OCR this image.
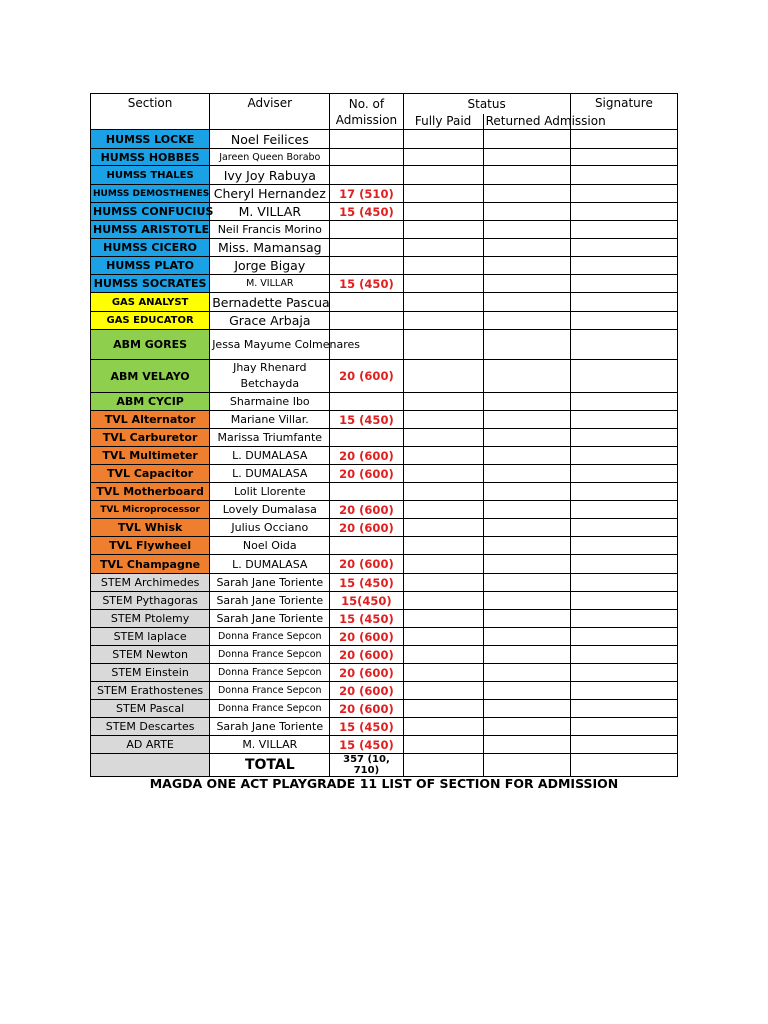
Section	Adviser	No. of
Admission	Status		Signature
			Fully Paid	Returned Admission	
HUMSS LOCKE	Noel Feilices				
HUMSS HOBBES	Jareen Queen Borabo				
HUMSS THALES	Ivy Joy Rabuya				
HUMSS DEMOSTHENES	Cheryl Hernandez	17 (510)			
HUMSS CONFUCIUS	M. VILLAR	15 (450)			
HUMSS ARISTOTLE	Neil Francis Morino				
HUMSS CICERO	Miss. Mamansag				
HUMSS PLATO	Jorge Bigay				
HUMSS SOCRATES	M. VILLAR	15 (450)			
GAS ANALYST	Bernadette Pascua				
GAS EDUCATOR	Grace Arbaja				
ABM GORES	Jessa Mayume Colmenares				
ABM VELAYO	Jhay Rhenard Betchayda	20 (600)			
ABM CYCIP	Sharmaine Ibo				
TVL Alternator	Mariane Villar.	15 (450)			
TVL Carburetor	Marissa Triumfante				
TVL Multimeter	L. DUMALASA	20 (600)			
TVL Capacitor	L. DUMALASA	20 (600)			
TVL Motherboard	Lolit Llorente				
TVL Microprocessor	Lovely Dumalasa	20 (600)			
TVL Whisk	Julius Occiano	20 (600)			
TVL Flywheel	Noel Oida				
TVL Champagne	L. DUMALASA	20 (600)			
STEM Archimedes	Sarah Jane Toriente	15 (450)			
STEM Pythagoras	Sarah Jane Toriente	15(450)			
STEM Ptolemy	Sarah Jane Toriente	15 (450)			
STEM laplace	Donna France Sepcon	20 (600)			
STEM Newton	Donna France Sepcon	20 (600)			
STEM Einstein	Donna France Sepcon	20 (600)			
STEM Erathostenes	Donna France Sepcon	20 (600)			
STEM Pascal	Donna France Sepcon	20 (600)			
STEM Descartes	Sarah Jane Toriente	15 (450)			
AD ARTE	M. VILLAR	15 (450)			
	TOTAL	357 (10, 710)			
MAGDA ONE ACT PLAYGRADE 11 LIST OF SECTION FOR ADMISSION
